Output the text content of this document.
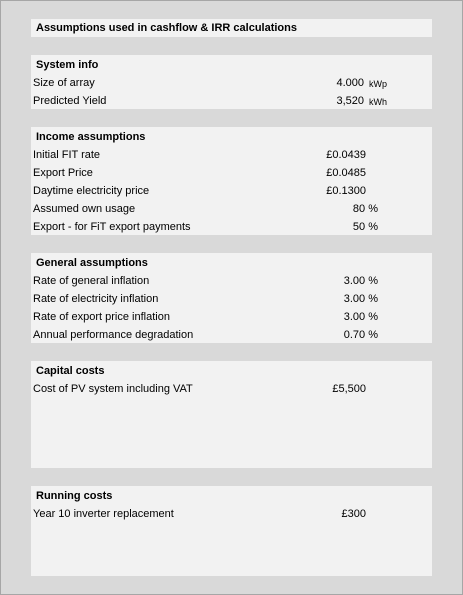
Assumptions used in cashflow & IRR calculations
System info
Size of array	4.000 kWp
Predicted Yield	3,520 kWh
Income assumptions
Initial FIT rate	£0.0439
Export Price	£0.0485
Daytime electricity price	£0.1300
Assumed own usage	80 %
Export - for FiT export payments	50 %
General assumptions
Rate of general inflation	3.00 %
Rate of electricity inflation	3.00 %
Rate of export price inflation	3.00 %
Annual performance degradation	0.70 %
Capital costs
Cost of PV system including VAT	£5,500
Running costs
Year 10 inverter replacement	£300
